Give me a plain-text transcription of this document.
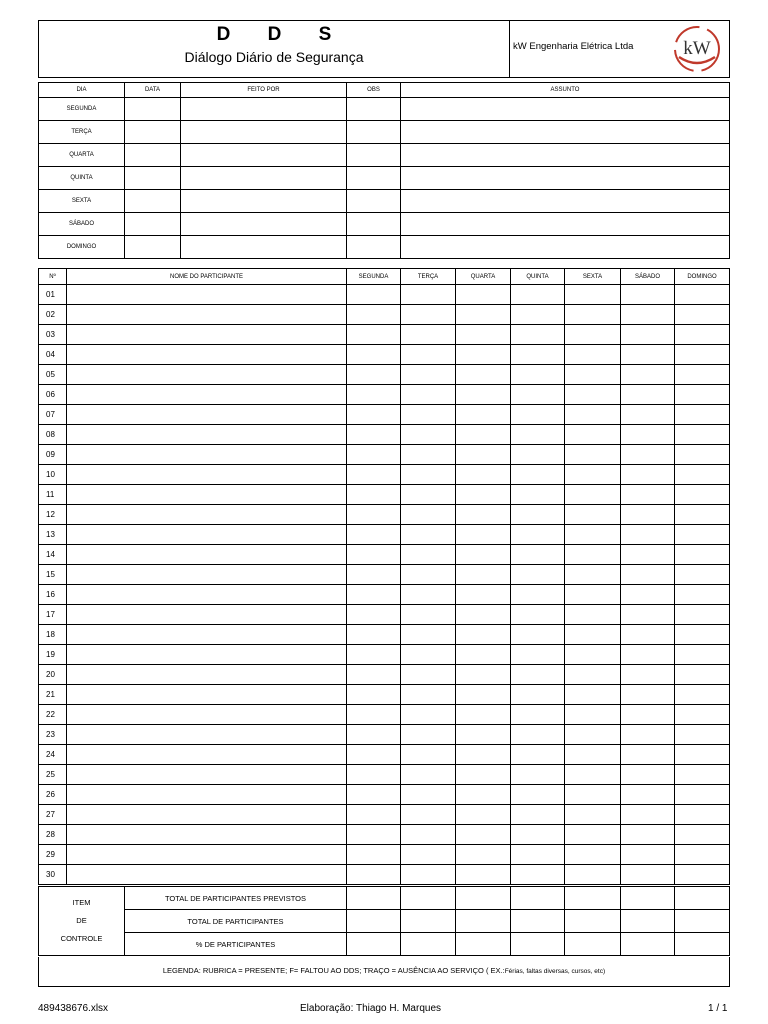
D D S
Diálogo Diário de Segurança
kW Engenharia Elétrica Ltda	kW
DIA	DATA	FEITO POR	OBS	ASSUNTO
SEGUNDA				
TERÇA				
QUARTA				
QUINTA				
SEXTA				
SÁBADO				
DOMINGO				
Nº	NOME DO PARTICIPANTE	SEGUNDA	TERÇA	QUARTA	QUINTA	SEXTA	SÁBADO	DOMINGO
01								
02								
03								
04								
05								
06								
07								
08								
09								
10								
11								
12								
13								
14								
15								
16								
17								
18								
19								
20								
21								
22								
23								
24								
25								
26								
27								
28								
29								
30								
ITEM
DE
CONTROLE	TOTAL DE PARTICIPANTES PREVISTOS							
	TOTAL DE PARTICIPANTES							
	% DE PARTICIPANTES							
LEGENDA: RUBRICA = PRESENTE; F= FALTOU AO DDS; TRAÇO = AUSÊNCIA AO SERVIÇO ( EX.:Férias, faltas diversas, cursos, etc)
489438676.xlsx	Elaboração: Thiago H. Marques	1 / 1
